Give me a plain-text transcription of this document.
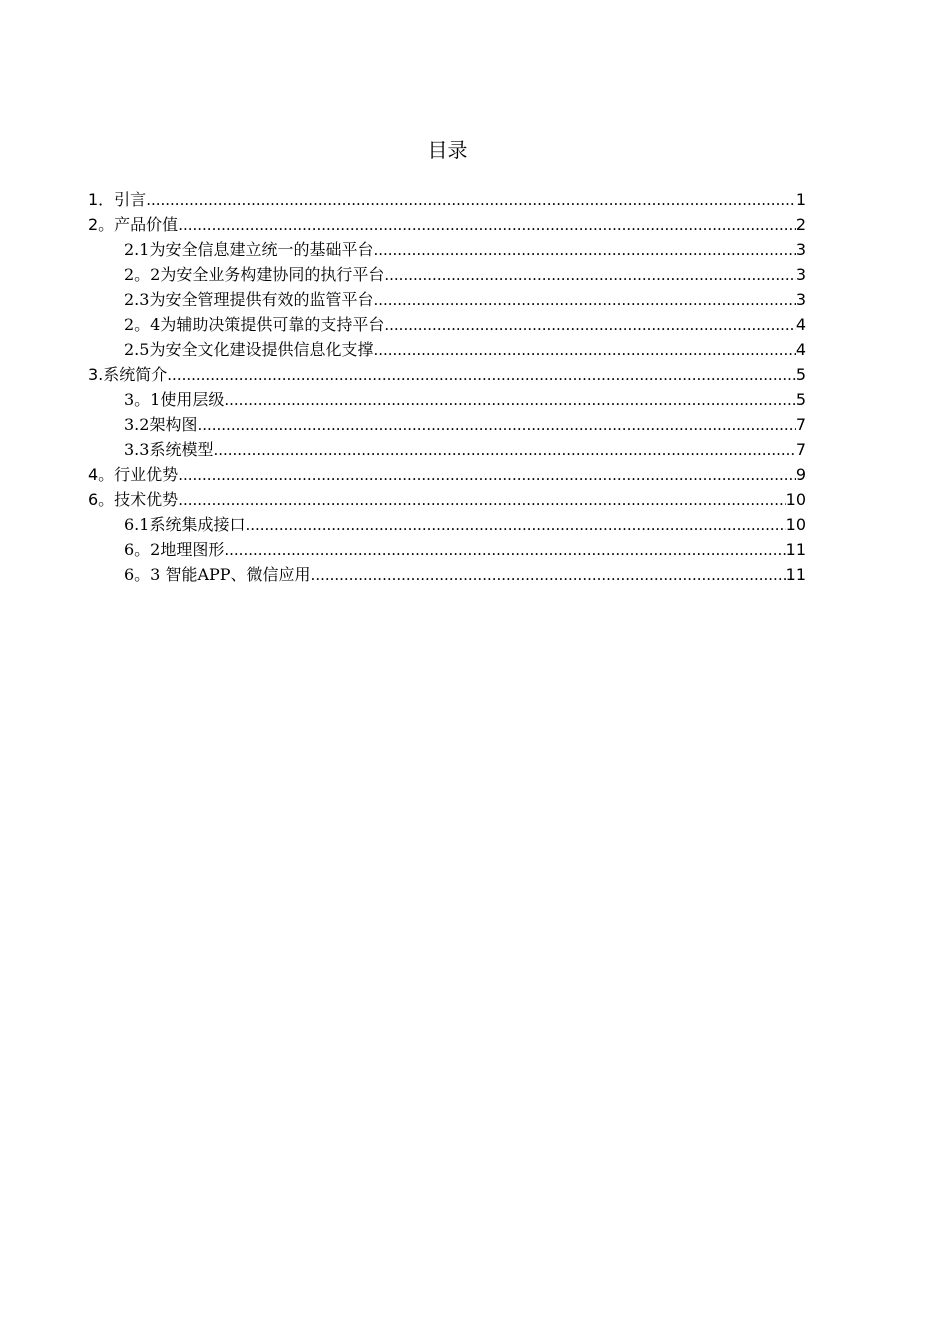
目录
1．引言 .....	1
2。产品价值 .....	2
2.1为安全信息建立统一的基础平台 .....	3
2。2为安全业务构建协同的执行平台 .....	3
2.3为安全管理提供有效的监管平台 .....	3
2。4为辅助决策提供可靠的支持平台 .....	4
2.5为安全文化建设提供信息化支撑 .....	4
3.系统简介 .....	5
3。1使用层级 .....	5
3.2架构图 .....	7
3.3系统模型 .....	7
4。行业优势 .....	9
6。技术优势 .....	10
6.1系统集成接口 .....	10
6。2地理图形 .....	11
6。3 智能APP、微信应用 .....	11
